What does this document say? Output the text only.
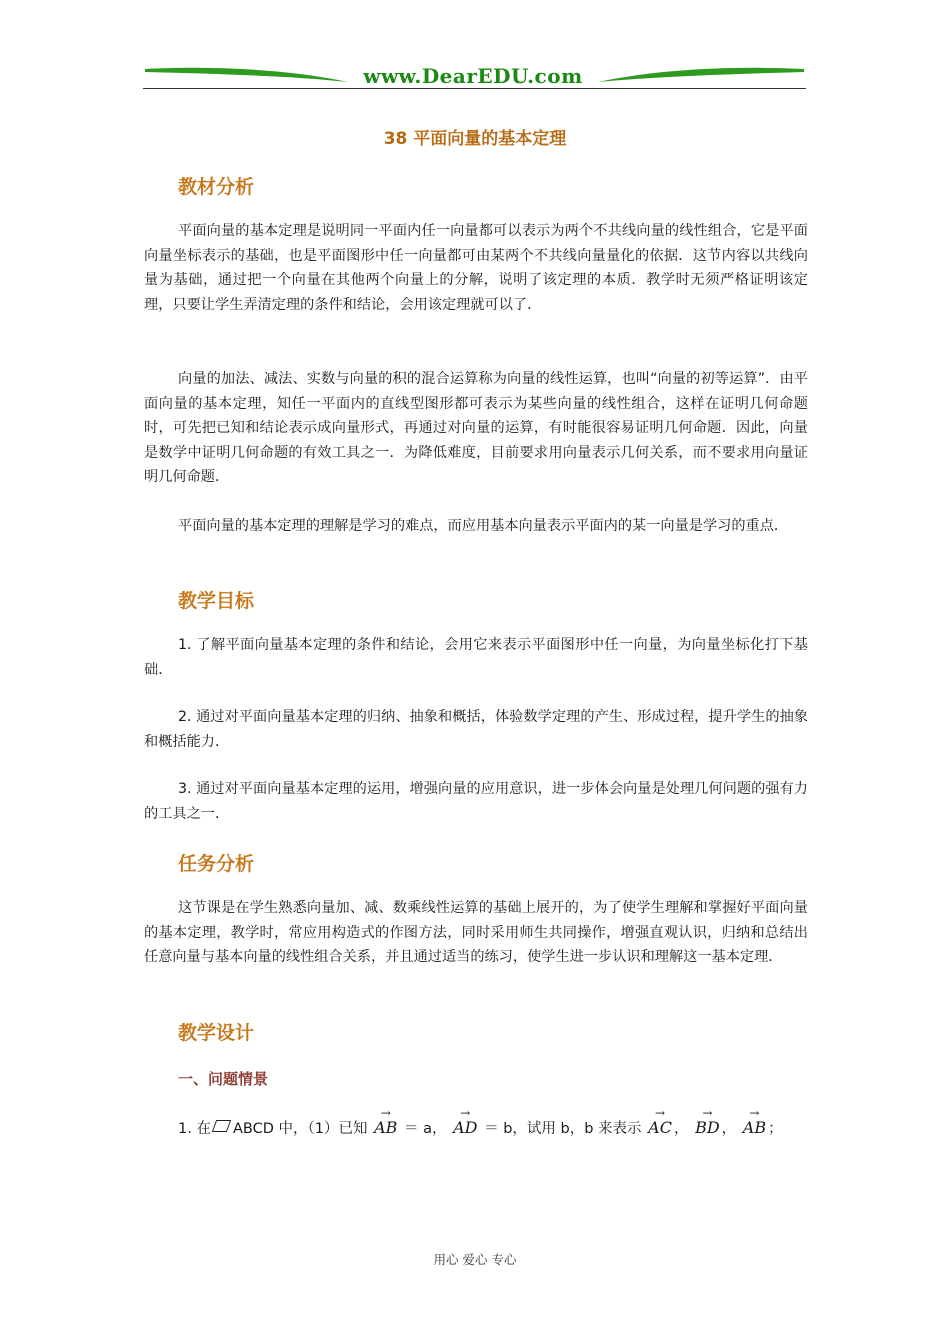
www.DearEDU.com
38 平面向量的基本定理
教材分析
平面向量的基本定理是说明同一平面内任一向量都可以表示为两个不共线向量的线性组合，它是平面向量坐标表示的基础，也是平面图形中任一向量都可由某两个不共线向量量化的依据．这节内容以共线向量为基础，通过把一个向量在其他两个向量上的分解，说明了该定理的本质．教学时无须严格证明该定理，只要让学生弄清定理的条件和结论，会用该定理就可以了．
向量的加法、减法、实数与向量的积的混合运算称为向量的线性运算，也叫“向量的初等运算”．由平面向量的基本定理，知任一平面内的直线型图形都可表示为某些向量的线性组合，这样在证明几何命题时，可先把已知和结论表示成向量形式，再通过对向量的运算，有时能很容易证明几何命题．因此，向量是数学中证明几何命题的有效工具之一．为降低难度，目前要求用向量表示几何关系，而不要求用向量证明几何命题．
平面向量的基本定理的理解是学习的难点，而应用基本向量表示平面内的某一向量是学习的重点．
教学目标
1. 了解平面向量基本定理的条件和结论，会用它来表示平面图形中任一向量，为向量坐标化打下基础．
2. 通过对平面向量基本定理的归纳、抽象和概括，体验数学定理的产生、形成过程，提升学生的抽象和概括能力．
3. 通过对平面向量基本定理的运用，增强向量的应用意识，进一步体会向量是处理几何问题的强有力的工具之一．
任务分析
这节课是在学生熟悉向量加、减、数乘线性运算的基础上展开的，为了使学生理解和掌握好平面向量的基本定理，教学时，常应用构造式的作图方法，同时采用师生共同操作，增强直观认识，归纳和总结出任意向量与基本向量的线性组合关系，并且通过适当的练习，使学生进一步认识和理解这一基本定理．
教学设计
一、问题情景
1. 在 ABCD 中，（1）已知 → AB ＝ a， → AD ＝ b，试用 b，b 来表示 → AC ， → BD ， → AB ；
用心 爱心 专心
